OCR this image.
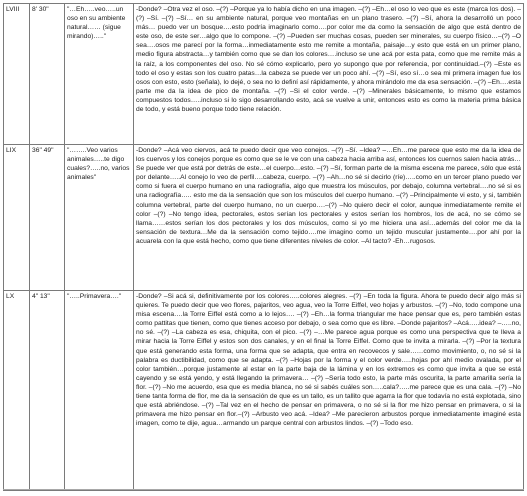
LVIII	8' 30"	"…Eh…..veo…..un oso en su ambiente natural…… (sigue mirando)….."	-Donde? –Otra vez el oso. –(?) –Porque ya lo había dicho en una imagen. –(?) –Eh…el oso lo veo que es este (marca los dos). –(?) –Sí. –(?) –Sí… en su ambiente natural, porque veo montañas en un plano trasero. –(?) –Sí, ahora la desarrolló un poco más… puedo ver un bosque….esto podría imaginarlo como….por color me da como la sensación de algo que está dentro de este oso, de este ser…algo que lo compone. –(?) –Pueden ser muchas cosas, pueden ser minerales, su cuerpo físico…–(?) –O sea….osos me parecí por la forma…inmediatamente esto me remite a montaña, paisaje…y esto que está en un primer plano, medio figura abstracta…y también como que se dan los colores….incluso se une acá por esta pata, como que me remite más a la raíz, a los componentes del oso. No sé cómo explicarlo, pero yo supongo que por referencia, por continuidad.–(?) –Este es todo el oso y estas son los cuatro patas…la cabeza se puede ver un poco ahí. –(?) –Sí, eso sí…o sea mi primera imagen fue los osos con esto, esto (señala), lo dejé, o sea no lo definí así rápidamente, y ahora mirándolo me da esa sensación. –(?) –Eh….esta parte me da la idea de pico de montaña. –(?) –Si el color verde. –(?) –Minerales básicamente, lo mismo que estamos compuestos todos…..incluso si lo sigo desarrollando esto, acá se vuelve a unir, entonces esto es como la materia prima básica de todo, y está bueno porque todo tiene relación.
LIX	36" 49"	"……..Veo varios animales…..te digo cuales?…..no, varios animales"	-Donde? –Acá veo ciervos, acá te puedo decir que veo conejos. –(?) –Sí. –Idea? –…Eh…me parece que esto me da la idea de los cuervos y los conejos porque es como que se le ve con una cabeza hacia arriba así, entonces los cuernos salen hacia atrás…Se puede ver que está por detrás de este…el cuerpo…esto. –(?) –Sí, forman parte de la misma escena me parece, sólo que está por delante…..Al conejo lo veo de perfil….cabeza, cuerpo. –(?) –Ah…no sé si decirlo (ríe)…..como en un tercer plano puedo ver como si fuera el cuerpo humano en una radiografía, algo que muestra los músculos, por debajo, columna vertebral….no sé si es una radiografía….. esto me da la sensación que son los músculos del cuerpo humano. –(?) –Principalmente vi esto, y si, también columna vertebral, parte del cuerpo humano, no un cuerpo….–(?) –No quiero decir el color, aunque inmediatamente remite el color –(?) –No tengo idea, pectorales, estos serían los pectorales y estos serían los hombros, los de acá, no se cómo se llama……estos serían los dos pectorales y los dos músculos, como si yo me hiciera una así…además del color me da la sensación de textura…Me da la sensación como tejido….me imagino como un tejido muscular justamente….por ahí por la acuarela con la que está hecho, como que tiene diferentes niveles de color. –Al tacto? -Eh…rugosos.
LX	4" 13"	"…..Primavera…."	-Donde? –Si acá si, definitivamente por los colores…..colores alegres. –(?) –En toda la figura. Ahora te puedo decir algo más si quieres. Te puedo decir que veo flores, pajaritos, veo agua, veo la Torre Eiffel, veo hojas y arbustos. –(?) –No, todo compone una misa escena….la Torre Eiffel está como a lo lejos…. –(?) –Eh…la forma triangular me hace pensar que es, pero también estas como pattitas que tienen, como que tienes acceso por debajo, o sea como que es libre. –Donde pajaritos? –Acá…..idea? –…..no, no sé. –(?) –La cabeza es esa, chiquita, con el pico. –(?) –…Me parece agua porque es como una perspectiva que te lleva a mirar hacia la Torre Eiffel y estos son dos canales, y en el final la Torre Eiffel. Como que te invita a mirarla. –(?) –Por la textura que está generando esta forma, una forma que se adapta, que entra en recovecos y sale……como movimiento, o, no sé si la palabra es ductibilidad, como que se adapta. –(?) –Hojas por la forma y el color verde…..hojas por ahí medio ovalada, por el color también…porque justamente al estar en la parte baja de la lámina y en los extremos es como que invita a que se está cayendo y se está yendo, y está llegando la primavera… –(?) –Sería todo esto, la parte más oscurita, la parte amarilla sería la flor. –(?) –No me acuerdo, esa que es media blanca, no sé si sabés cuáles son…..cala?…..me parece que es una cala. –(?) –No tiene tanta forma de flor, me da la sensación de que es un tallo, es un tallito que agarra la flor que todavía no está explotada, sino que está abriéndose. –(?) –Tal vez en el hecho de pensar en primavera, o no sé si la flor me hizo pensar en primavera, o si la primavera me hizo pensar en flor.–(?) –Arbusto veo acá. –Idea? –Me parecieron arbustos porque inmediatamente imaginé esta imagen, como te dije, agua…armando un parque central con arbustos lindos. –(?) –Todo eso.
